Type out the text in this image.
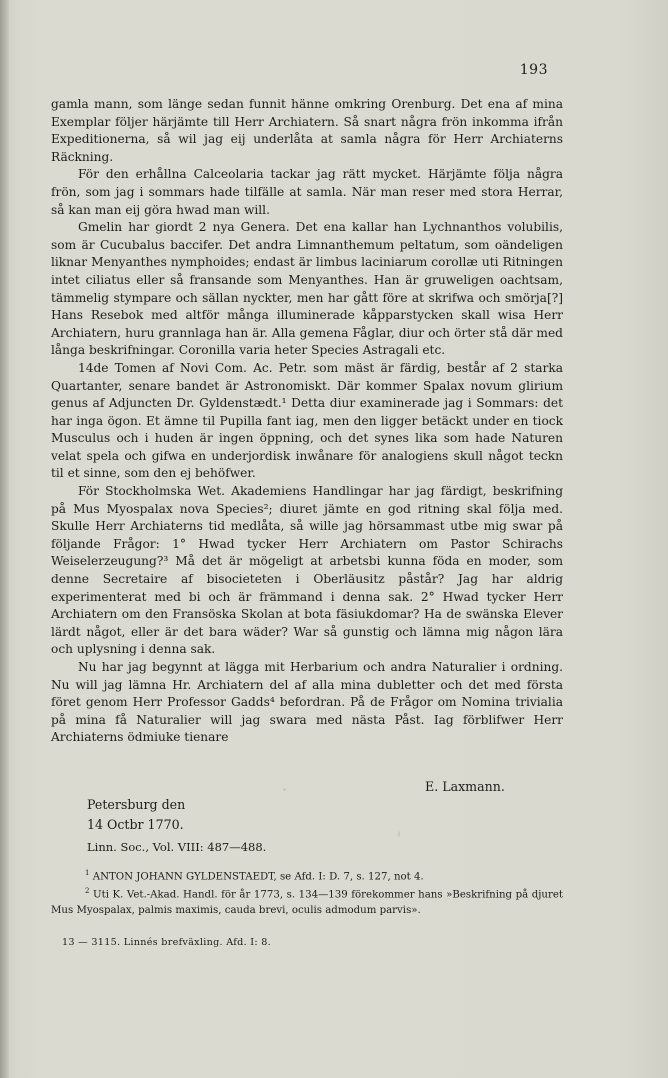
193

gamla mann, som länge sedan funnit hänne omkring Orenburg. Det ena af mina Exemplar följer härjämte till Herr Archiatern. Så snart några frön inkomma ifrån Expeditionerna, så wil jag eij underlåta at samla några för Herr Archiaterns Räckning.

För den erhållna Calceolaria tackar jag rätt mycket. Härjämte följa några frön, som jag i sommars hade tilfälle at samla. När man reser med stora Herrar, så kan man eij göra hwad man will.

Gmelin har giordt 2 nya Genera. Det ena kallar han Lychnanthos volubilis, som är Cucubalus baccifer. Det andra Limnanthemum peltatum, som oändeligen liknar Menyanthes nymphoides; endast är limbus laciniarum corollæ uti Ritningen intet ciliatus eller så fransande som Menyanthes. Han är gruweligen oachtsam, tämmelig stympare och sällan nyckter, men har gått före at skrifwa och smörja[?] Hans Resebok med altför många illuminerade kåpparstycken skall wisa Herr Archiatern, huru grannlaga han är. Alla gemena Fåglar, diur och örter stå där med långa beskrifningar. Coronilla varia heter Species Astragali etc.

14de Tomen af Novi Com. Ac. Petr. som mäst är färdig, består af 2 starka Quartanter, senare bandet är Astronomiskt. Där kommer Spalax novum glirium genus af Adjuncten Dr. Gyldenstædt.¹ Detta diur examinerade jag i Sommars: det har inga ögon. Et ämne til Pupilla fant iag, men den ligger betäckt under en tiock Musculus och i huden är ingen öppning, och det synes lika som hade Naturen velat spela och gifwa en underjordisk inwånare för analogiens skull något teckn til et sinne, som den ej behöfwer.

För Stockholmska Wet. Akademiens Handlingar har jag färdigt, beskrifning på Mus Myospalax nova Species²; diuret jämte en god ritning skal följa med. Skulle Herr Archiaterns tid medlåta, så wille jag hörsammast utbe mig swar på följande Frågor: 1° Hwad tycker Herr Archiatern om Pastor Schirachs Weiselerzeugung?³ Må det är mögeligt at arbetsbi kunna föda en moder, som denne Secretaire af bisocieteten i Oberläusitz påstår? Jag har aldrig experimenterat med bi och är främmand i denna sak. 2° Hwad tycker Herr Archiatern om den Fransöska Skolan at bota fäsiukdomar? Ha de swänska Elever lärdt något, eller är det bara wäder? War så gunstig och lämna mig någon lära och uplysning i denna sak.

Nu har jag begynnt at lägga mit Herbarium och andra Naturalier i ordning. Nu will jag lämna Hr. Archiatern del af alla mina dubletter och det med första föret genom Herr Professor Gadds⁴ befordran. På de Frågor om Nomina trivialia på mina få Naturalier will jag swara med nästa Påst. Iag förblifwer Herr Archiaterns ödmiuke tienare

E. Laxmann.
Petersburg den
14 Octbr 1770.
Linn. Soc., Vol. VIII: 487—488.

$^1$ ANTON JOHANN GYLDENSTAEDT, se Afd. I: D. 7, s. 127, not 4.

$^2$ Uti K. Vet.-Akad. Handl. för år 1773, s. 134—139 förekommer hans »Beskrifning på djuret Mus Myospalax, palmis maximis, cauda brevi, oculis admodum parvis».

13 — 3115. Linnés brefväxling. Afd. I: 8.
